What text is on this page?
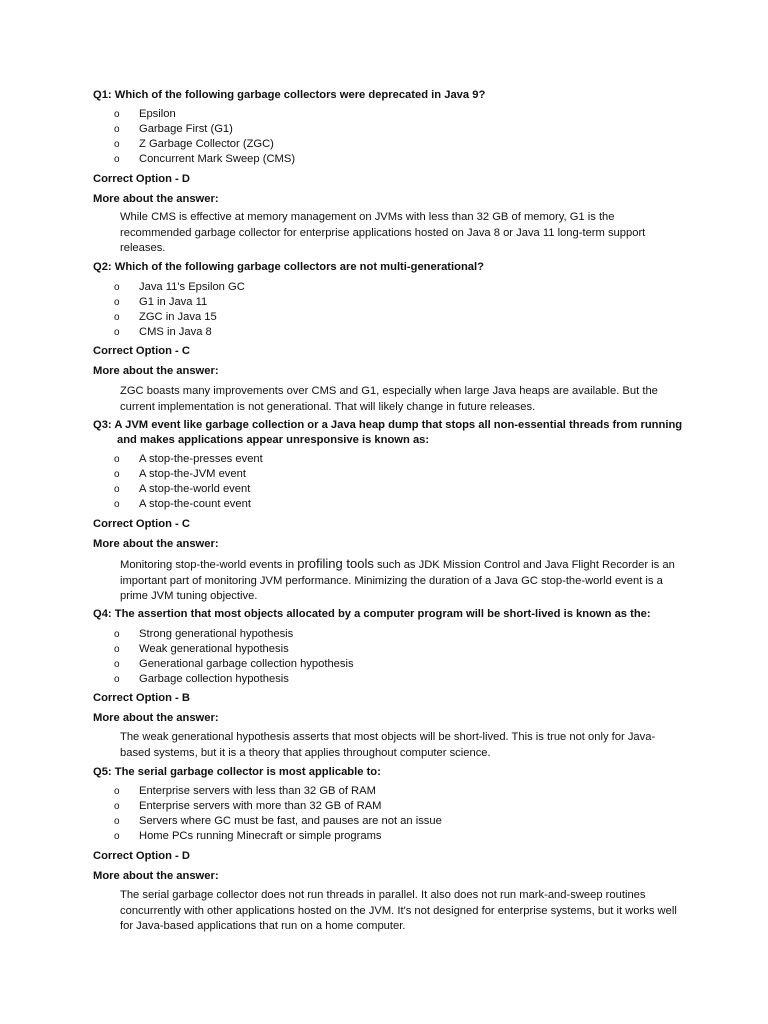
Q1: Which of the following garbage collectors were deprecated in Java 9?
o Epsilon
o Garbage First (G1)
o Z Garbage Collector (ZGC)
o Concurrent Mark Sweep (CMS)
Correct Option - D
More about the answer:
While CMS is effective at memory management on JVMs with less than 32 GB of memory, G1 is the recommended garbage collector for enterprise applications hosted on Java 8 or Java 11 long-term support releases.
Q2: Which of the following garbage collectors are not multi-generational?
o Java 11's Epsilon GC
o G1 in Java 11
o ZGC in Java 15
o CMS in Java 8
Correct Option - C
More about the answer:
ZGC boasts many improvements over CMS and G1, especially when large Java heaps are available. But the current implementation is not generational. That will likely change in future releases.
Q3: A JVM event like garbage collection or a Java heap dump that stops all non-essential threads from running and makes applications appear unresponsive is known as:
o A stop-the-presses event
o A stop-the-JVM event
o A stop-the-world event
o A stop-the-count event
Correct Option - C
More about the answer:
Monitoring stop-the-world events in profiling tools such as JDK Mission Control and Java Flight Recorder is an important part of monitoring JVM performance. Minimizing the duration of a Java GC stop-the-world event is a prime JVM tuning objective.
Q4: The assertion that most objects allocated by a computer program will be short-lived is known as the:
o Strong generational hypothesis
o Weak generational hypothesis
o Generational garbage collection hypothesis
o Garbage collection hypothesis
Correct Option - B
More about the answer:
The weak generational hypothesis asserts that most objects will be short-lived. This is true not only for Java-based systems, but it is a theory that applies throughout computer science.
Q5: The serial garbage collector is most applicable to:
o Enterprise servers with less than 32 GB of RAM
o Enterprise servers with more than 32 GB of RAM
o Servers where GC must be fast, and pauses are not an issue
o Home PCs running Minecraft or simple programs
Correct Option - D
More about the answer:
The serial garbage collector does not run threads in parallel. It also does not run mark-and-sweep routines concurrently with other applications hosted on the JVM. It's not designed for enterprise systems, but it works well for Java-based applications that run on a home computer.
